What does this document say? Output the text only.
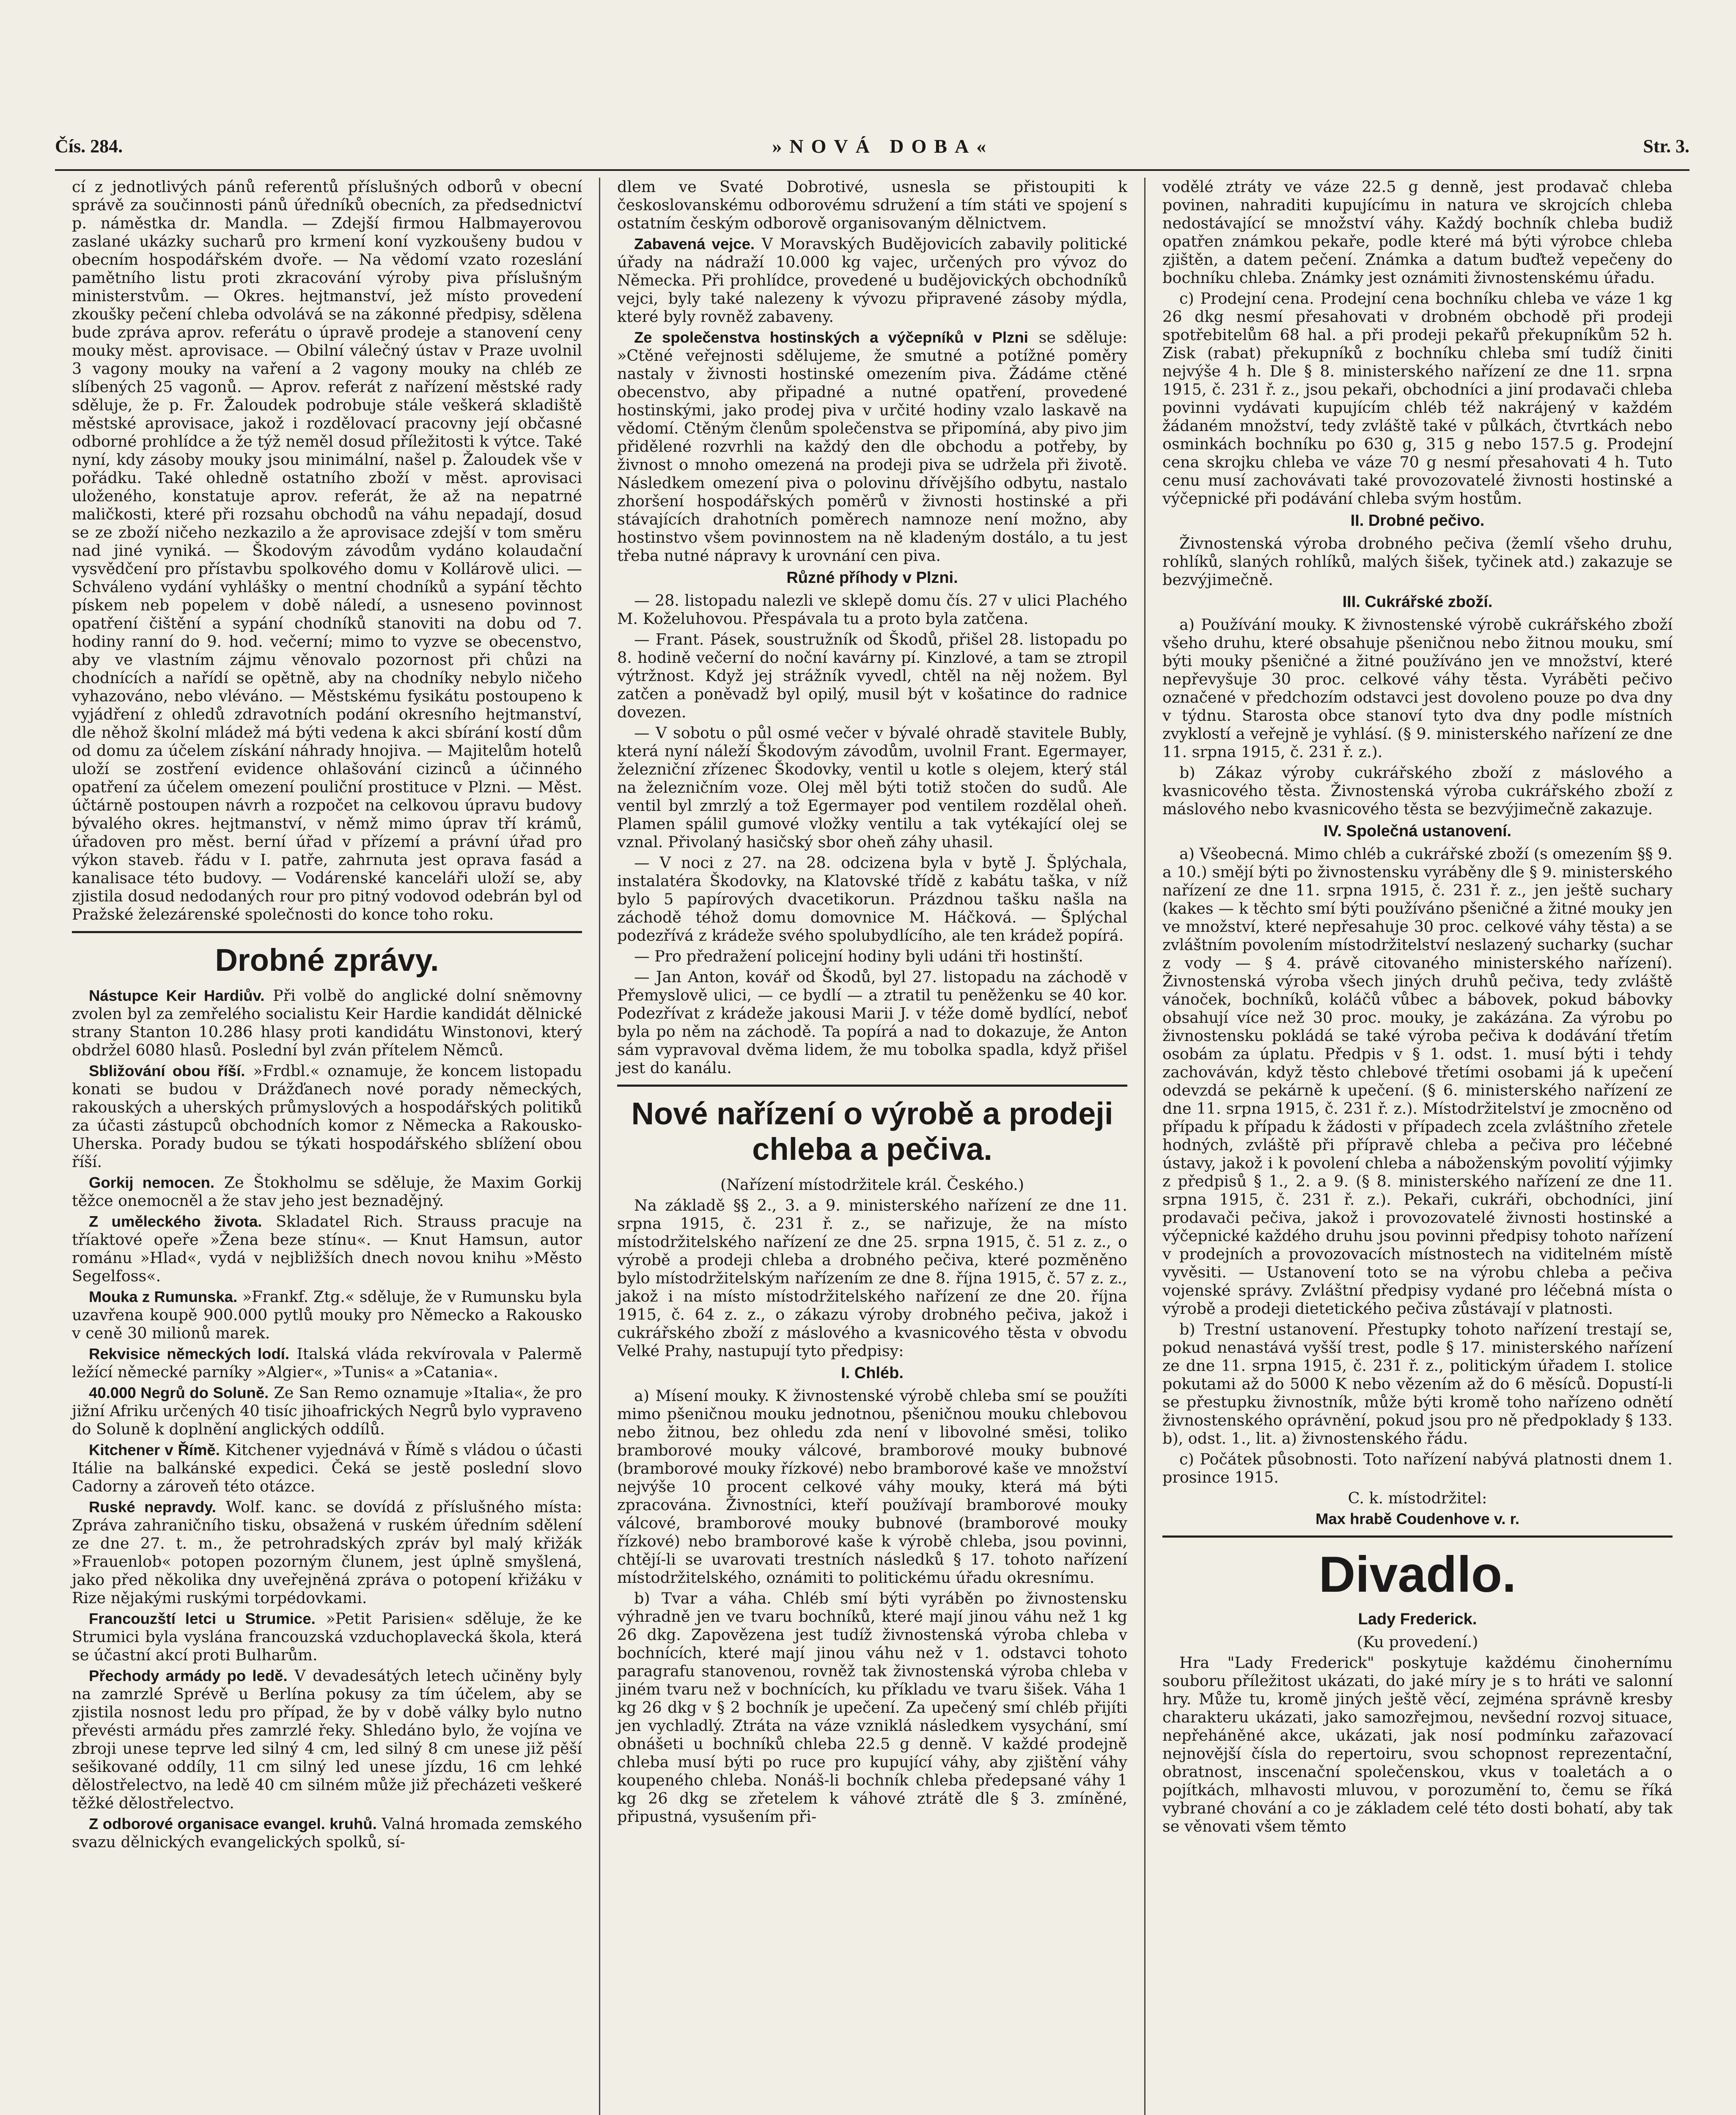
Čís. 284.	»NOVÁ DOBA«	Str. 3.

cí z jednotlivých pánů referentů příslušných odborů v obecní správě za součinnosti pánů úředníků obecních, za předsednictví p. náměstka dr. Mandla. — Zdejší firmou Halbmayerovou zaslané ukázky sucharů pro krmení koní vyzkoušeny budou v obecním hospodářském dvoře. — Na vědomí vzato rozeslání pamětního listu proti zkracování výroby piva příslušným ministerstvům. — Okres. hejtmanství, jež místo provedení zkoušky pečení chleba odvolává se na zákonné předpisy, sdělena bude zpráva aprov. referátu o úpravě prodeje a stanovení ceny mouky měst. aprovisace. — Obilní válečný ústav v Praze uvolnil 3 vagony mouky na vaření a 2 vagony mouky na chléb ze slíbených 25 vagonů. — Aprov. referát z nařízení městské rady sděluje, že p. Fr. Žaloudek podrobuje stále veškerá skladiště městské aprovisace, jakož i rozdělovací pracovny její občasné odborné prohlídce a že týž neměl dosud příležitosti k výtce. Také nyní, kdy zásoby mouky jsou minimální, našel p. Žaloudek vše v pořádku. Také ohledně ostatního zboží v měst. aprovisaci uloženého, konstatuje aprov. referát, že až na nepatrné maličkosti, které při rozsahu obchodů na váhu nepadají, dosud se ze zboží ničeho nezkazilo a že aprovisace zdejší v tom směru nad jiné vyniká. — Škodovým závodům vydáno kolaudační vysvědčení pro přístavbu spolkového domu v Kollárově ulici. — Schváleno vydání vyhlášky o mentní chodníků a sypání těchto pískem neb popelem v době náledí, a usneseno povinnost opatření čištění a sypání chodníků stanoviti na dobu od 7. hodiny ranní do 9. hod. večerní; mimo to vyzve se obecenstvo, aby ve vlastním zájmu věnovalo pozornost při chůzi na chodnících a nařídí se opětně, aby na chodníky nebylo ničeho vyhazováno, nebo vléváno. — Městskému fysikátu postoupeno k vyjádření z ohledů zdravotních podání okresního hejtmanství, dle něhož školní mládež má býti vedena k akci sbírání kostí dům od domu za účelem získání náhrady hnojiva. — Majitelům hotelů uloží se zostření evidence ohlašování cizinců a účinného opatření za účelem omezení pouliční prostituce v Plzni. — Měst. účtárně postoupen návrh a rozpočet na celkovou úpravu budovy bývalého okres. hejtmanství, v němž mimo úprav tří krámů, úřadoven pro měst. berní úřad v přízemí a právní úřad pro výkon staveb. řádu v I. patře, zahrnuta jest oprava fasád a kanalisace této budovy. — Vodárenské kanceláři uloží se, aby zjistila dosud nedodaných rour pro pitný vodovod odebrán byl od Pražské železárenské společnosti do konce toho roku.

Drobné zprávy.

Nástupce Keir Hardiův. Při volbě do anglické dolní sněmovny zvolen byl za zemřelého socialistu Keir Hardie kandidát dělnické strany Stanton 10.286 hlasy proti kandidátu Winstonovi, který obdržel 6080 hlasů. Poslední byl zván přítelem Němců.

Sbližování obou říší. »Frdbl.« oznamuje, že koncem listopadu konati se budou v Drážďanech nové porady německých, rakouských a uherských průmyslových a hospodářských politiků za účasti zástupců obchodních komor z Německa a Rakousko-Uherska. Porady budou se týkati hospodářského sblížení obou říší.

Gorkij nemocen. Ze Štokholmu se sděluje, že Maxim Gorkij těžce onemocněl a že stav jeho jest beznadějný.

Z uměleckého života. Skladatel Rich. Strauss pracuje na tříaktové opeře »Žena beze stínu«. — Knut Hamsun, autor románu »Hlad«, vydá v nejbližších dnech novou knihu »Město Segelfoss«.

Mouka z Rumunska. »Frankf. Ztg.« sděluje, že v Rumunsku byla uzavřena koupě 900.000 pytlů mouky pro Německo a Rakousko v ceně 30 milionů marek.

Rekvisice německých lodí. Italská vláda rekvírovala v Palermě ležící německé parníky »Algier«, »Tunis« a »Catania«.

40.000 Negrů do Soluně. Ze San Remo oznamuje »Italia«, že pro jižní Afriku určených 40 tisíc jihoafrických Negrů bylo vypraveno do Soluně k doplnění anglických oddílů.

Kitchener v Římě. Kitchener vyjednává v Římě s vládou o účasti Itálie na balkánské expedici. Čeká se jestě poslední slovo Cadorny a zároveň této otázce.

Ruské nepravdy. Wolf. kanc. se dovídá z příslušného místa: Zpráva zahraničního tisku, obsažená v ruském úředním sdělení ze dne 27. t. m., že petrohradských zpráv byl malý křižák »Frauenlob« potopen pozorným člunem, jest úplně smyšlená, jako před několika dny uveřejněná zpráva o potopení křižáku v Rize nějakými ruskými torpédovkami.

Francouzští letci u Strumice. »Petit Parisien« sděluje, že ke Strumici byla vyslána francouzská vzduchoplavecká škola, která se účastní akcí proti Bulharům.

Přechody armády po ledě. V devadesátých letech učiněny byly na zamrzlé Sprévě u Berlína pokusy za tím účelem, aby se zjistila nosnost ledu pro případ, že by v době války bylo nutno převésti armádu přes zamrzlé řeky. Shledáno bylo, že vojína ve zbroji unese teprve led silný 4 cm, led silný 8 cm unese již pěší sešikované oddíly, 11 cm silný led unese jízdu, 16 cm lehké dělostřelectvo, na ledě 40 cm silném může již přecházeti veškeré těžké dělostřelectvo.

Z odborové organisace evangel. kruhů. Valná hromada zemského svazu dělnických evangelických spolků, sí-

dlem ve Svaté Dobrotivé, usnesla se přistoupiti k českoslovanskému odborovému sdružení a tím státi ve spojení s ostatním českým odborově organisovaným dělnictvem.

Zabavená vejce. V Moravských Budějovicích zabavily politické úřady na nádraží 10.000 kg vajec, určených pro vývoz do Německa. Při prohlídce, provedené u budějovických obchodníků vejci, byly také nalezeny k vývozu připravené zásoby mýdla, které byly rovněž zabaveny.

Ze společenstva hostinských a výčepníků v Plzni se sděluje: »Ctěné veřejnosti sdělujeme, že smutné a potížné poměry nastaly v živnosti hostinské omezením piva. Žádáme ctěné obecenstvo, aby připadné a nutné opatření, provedené hostinskými, jako prodej piva v určité hodiny vzalo laskavě na vědomí. Ctěným členům společenstva se připomíná, aby pivo jim přidělené rozvrhli na každý den dle obchodu a potřeby, by živnost o mnoho omezená na prodeji piva se udržela při životě. Následkem omezení piva o polovinu dřívějšího odbytu, nastalo zhoršení hospodářských poměrů v živnosti hostinské a při stávajících drahotních poměrech namnoze není možno, aby hostinstvo všem povinnostem na ně kladeným dostálo, a tu jest třeba nutné nápravy k urovnání cen piva.

Různé příhody v Plzni.

— 28. listopadu nalezli ve sklepě domu čís. 27 v ulici Plachého M. Koželuhovou. Přespávala tu a proto byla zatčena.

— Frant. Pásek, soustružník od Škodů, přišel 28. listopadu po 8. hodině večerní do noční kavárny pí. Kinzlové, a tam se ztropil výtržnost. Když jej strážník vyvedl, chtěl na něj nožem. Byl zatčen a poněvadž byl opilý, musil být v košatince do radnice dovezen.

— V sobotu o půl osmé večer v bývalé ohradě stavitele Bubly, která nyní náleží Škodovým závodům, uvolnil Frant. Egermayer, železniční zřízenec Škodovky, ventil u kotle s olejem, který stál na železničním voze. Olej měl býti totiž stočen do sudů. Ale ventil byl zmrzlý a tož Egermayer pod ventilem rozdělal oheň. Plamen spálil gumové vložky ventilu a tak vytékající olej se vznal. Přivolaný hasičský sbor oheň záhy uhasil.

— V noci z 27. na 28. odcizena byla v bytě J. Šplýchala, instalatéra Škodovky, na Klatovské třídě z kabátu taška, v níž bylo 5 papírových dvacetikorun. Prázdnou tašku našla na záchodě téhož domu domovnice M. Háčková. — Šplýchal podezřívá z krádeže svého spolubydlícího, ale ten krádež popírá.

— Pro předražení policejní hodiny byli udáni tři hostinští.

— Jan Anton, kovář od Škodů, byl 27. listopadu na záchodě v Přemyslově ulici, — ce bydlí — a ztratil tu peněženku se 40 kor. Podezřívat z krádeže jakousi Marii J. v téže domě bydlící, neboť byla po něm na záchodě. Ta popírá a nad to dokazuje, že Anton sám vypravoval dvěma lidem, že mu tobolka spadla, když přišel jest do kanálu.

Nové nařízení o výrobě a prodeji chleba a pečiva.

(Nařízení místodržitele král. Českého.)

Na základě §§ 2., 3. a 9. ministerského nařízení ze dne 11. srpna 1915, č. 231 ř. z., se nařizuje, že na místo místodržitelského nařízení ze dne 25. srpna 1915, č. 51 z. z., o výrobě a prodeji chleba a drobného pečiva, které pozměněno bylo místodržitelským nařízením ze dne 8. října 1915, č. 57 z. z., jakož i na místo místodržitelského nařízení ze dne 20. října 1915, č. 64 z. z., o zákazu výroby drobného pečiva, jakož i cukrářského zboží z máslového a kvasnicového těsta v obvodu Velké Prahy, nastupují tyto předpisy:

I. Chléb.

a) Mísení mouky. K živnostenské výrobě chleba smí se použíti mimo pšeničnou mouku jednotnou, pšeničnou mouku chlebovou nebo žitnou, bez ohledu zda není v libovolné směsi, toliko bramborové mouky válcové, bramborové mouky bubnové (bramborové mouky řízkové) nebo bramborové kaše ve množství nejvýše 10 procent celkové váhy mouky, která má býti zpracována. Živnostníci, kteří používají bramborové mouky válcové, bramborové mouky bubnové (bramborové mouky řízkové) nebo bramborové kaše k výrobě chleba, jsou povinni, chtějí-li se uvarovati trestních následků § 17. tohoto nařízení místodržitelského, oznámiti to politickému úřadu okresnímu.

b) Tvar a váha. Chléb smí býti vyráběn po živnostensku výhradně jen ve tvaru bochníků, které mají jinou váhu než 1 kg 26 dkg. Zapovězena jest tudíž živnostenská výroba chleba v bochnících, které mají jinou váhu než v 1. odstavci tohoto paragrafu stanovenou, rovněž tak živnostenská výroba chleba v jiném tvaru než v bochnících, ku příkladu ve tvaru šišek. Váha 1 kg 26 dkg v § 2 bochník je upečení. Za upečený smí chléb přijíti jen vychladlý. Ztráta na váze vzniklá následkem vysychání, smí obnášeti u bochníků chleba 22.5 g denně. V každé prodejně chleba musí býti po ruce pro kupující váhy, aby zjištění váhy koupeného chleba. Nonáš-li bochník chleba předepsané váhy 1 kg 26 dkg se zřetelem k váhové ztrátě dle § 3. zmíněné, připustná, vysušením při-

vodělé ztráty ve váze 22.5 g denně, jest prodavač chleba povinen, nahraditi kupujícímu in natura ve skrojcích chleba nedostávající se množství váhy. Každý bochník chleba budiž opatřen známkou pekaře, podle které má býti výrobce chleba zjištěn, a datem pečení. Známka a datum buďtež vepečeny do bochníku chleba. Známky jest oznámiti živnostenskému úřadu.

c) Prodejní cena. Prodejní cena bochníku chleba ve váze 1 kg 26 dkg nesmí přesahovati v drobném obchodě při prodeji spotřebitelům 68 hal. a při prodeji pekařů překupníkům 52 h. Zisk (rabat) překupníků z bochníku chleba smí tudíž činiti nejvýše 4 h. Dle § 8. ministerského nařízení ze dne 11. srpna 1915, č. 231 ř. z., jsou pekaři, obchodníci a jiní prodavači chleba povinni vydávati kupujícím chléb též nakrájený v každém žádaném množství, tedy zvláště také v půlkách, čtvrtkách nebo osminkách bochníku po 630 g, 315 g nebo 157.5 g. Prodejní cena skrojku chleba ve váze 70 g nesmí přesahovati 4 h. Tuto cenu musí zachovávati také provozovatelé živnosti hostinské a výčepnické při podávání chleba svým hostům.

II. Drobné pečivo.

Živnostenská výroba drobného pečiva (žemlí všeho druhu, rohlíků, slaných rohlíků, malých šišek, tyčinek atd.) zakazuje se bezvýjimečně.

III. Cukrářské zboží.

a) Používání mouky. K živnostenské výrobě cukrářského zboží všeho druhu, které obsahuje pšeničnou nebo žitnou mouku, smí býti mouky pšeničné a žitné používáno jen ve množství, které nepřevyšuje 30 proc. celkové váhy těsta. Vyráběti pečivo označené v předchozím odstavci jest dovoleno pouze po dva dny v týdnu. Starosta obce stanoví tyto dva dny podle místních zvyklostí a veřejně je vyhlásí. (§ 9. ministerského nařízení ze dne 11. srpna 1915, č. 231 ř. z.).

b) Zákaz výroby cukrářského zboží z máslového a kvasnicového těsta. Živnostenská výroba cukrářského zboží z máslového nebo kvasnicového těsta se bezvýjimečně zakazuje.

IV. Společná ustanovení.

a) Všeobecná. Mimo chléb a cukrářské zboží (s omezením §§ 9. a 10.) smějí býti po živnostensku vyráběny dle § 9. ministerského nařízení ze dne 11. srpna 1915, č. 231 ř. z., jen ještě suchary (kakes — k těchto smí býti používáno pšeničné a žitné mouky jen ve množství, které nepřesahuje 30 proc. celkové váhy těsta) a se zvláštním povolením místodržitelství neslazený sucharky (suchar z vody — § 4. právě citovaného ministerského nařízení). Živnostenská výroba všech jiných druhů pečiva, tedy zvláště vánoček, bochníků, koláčů vůbec a bábovek, pokud bábovky obsahují více než 30 proc. mouky, je zakázána. Za výrobu po živnostensku pokládá se také výroba pečiva k dodávání třetím osobám za úplatu. Předpis v § 1. odst. 1. musí býti i tehdy zachováván, když těsto chlebové třetími osobami já k upečení odevzdá se pekárně k upečení. (§ 6. ministerského nařízení ze dne 11. srpna 1915, č. 231 ř. z.). Místodržitelství je zmocněno od případu k případu k žádosti v případech zcela zvláštního zřetele hodných, zvláště při přípravě chleba a pečiva pro léčebné ústavy, jakož i k povolení chleba a náboženským povolití výjimky z předpisů § 1., 2. a 9. (§ 8. ministerského nařízení ze dne 11. srpna 1915, č. 231 ř. z.). Pekaři, cukráři, obchodníci, jiní prodavači pečiva, jakož i provozovatelé živnosti hostinské a výčepnické každého druhu jsou povinni předpisy tohoto nařízení v prodejních a provozovacích místnostech na viditelném místě vyvěsiti. — Ustanovení toto se na výrobu chleba a pečiva vojenské správy. Zvláštní předpisy vydané pro léčebná místa o výrobě a prodeji dietetického pečiva zůstávají v platnosti.

b) Trestní ustanovení. Přestupky tohoto nařízení trestají se, pokud nenastává vyšší trest, podle § 17. ministerského nařízení ze dne 11. srpna 1915, č. 231 ř. z., politickým úřadem I. stolice pokutami až do 5000 K nebo vězením až do 6 měsíců. Dopustí-li se přestupku živnostník, může býti kromě toho nařízeno odnětí živnostenského oprávnění, pokud jsou pro ně předpoklady § 133. b), odst. 1., lit. a) živnostenského řádu.

c) Počátek působnosti. Toto nařízení nabývá platnosti dnem 1. prosince 1915.

C. k. místodržitel:

Max hrabě Coudenhove v. r.

Divadlo.
Lady Frederick.

(Ku provedení.)

Hra "Lady Frederick" poskytuje každému činohernímu souboru příležitost ukázati, do jaké míry je s to hráti ve salonní hry. Může tu, kromě jiných ještě věcí, zejména správně kresby charakteru ukázati, jako samozřejmou, nevšední rozvoj situace, nepřeháněné akce, ukázati, jak nosí podmínku zařazovací nejnovější čísla do repertoiru, svou schopnost reprezentační, obratnost, inscenační společenskou, vkus v toaletách a o pojítkách, mlhavosti mluvou, v porozumění to, čemu se říká vybrané chování a co je základem celé této dosti bohatí, aby tak se věnovati všem těmto
